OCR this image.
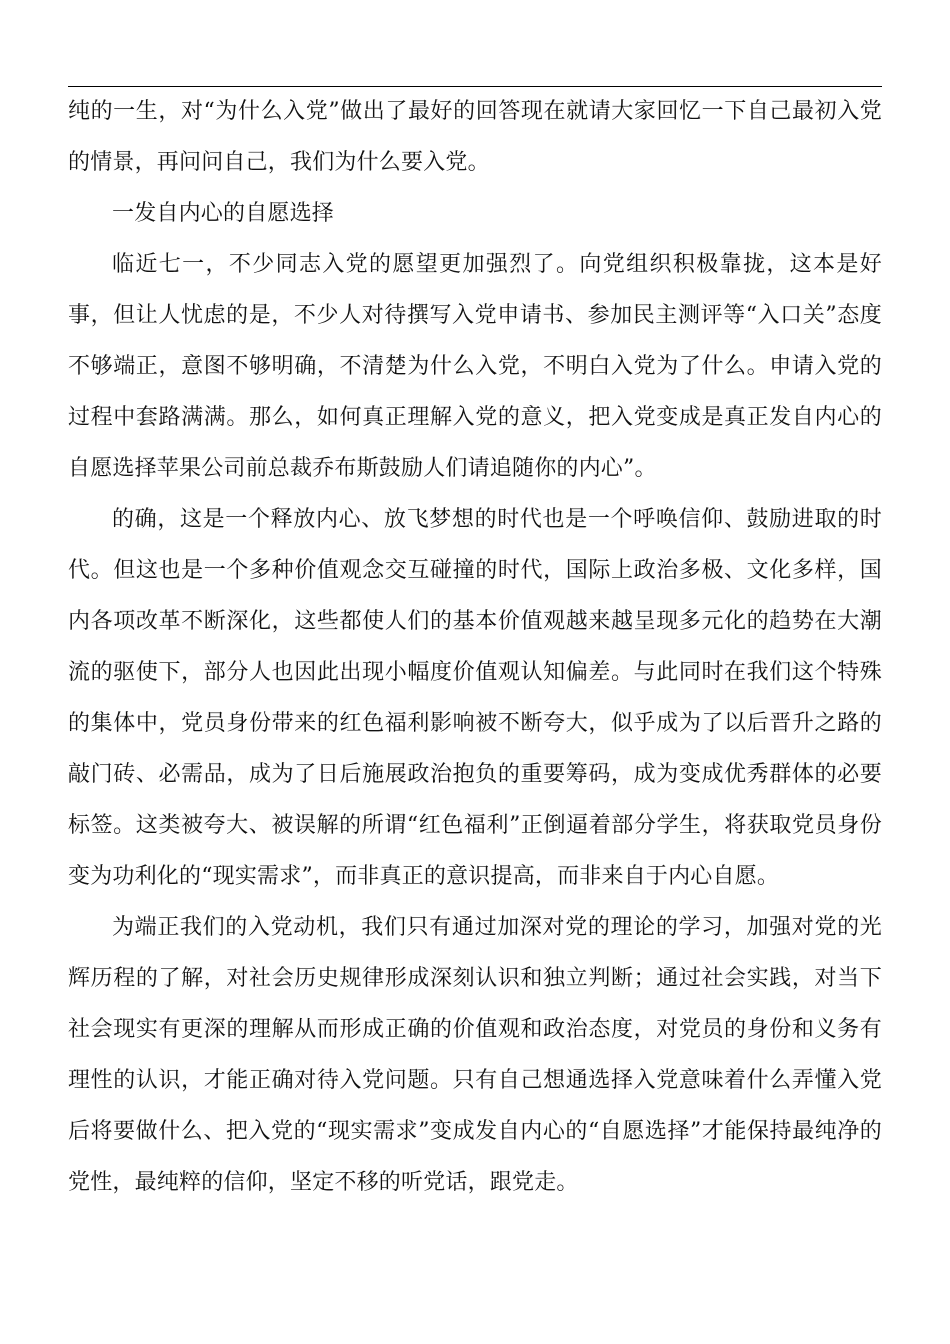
纯的一生，对“为什么入党”做出了最好的回答现在就请大家回忆一下自己最初入党的情景，再问问自己，我们为什么要入党。

一发自内心的自愿选择

临近七一，不少同志入党的愿望更加强烈了。向党组织积极靠拢，这本是好事，但让人忧虑的是，不少人对待撰写入党申请书、参加民主测评等“入口关”态度不够端正，意图不够明确，不清楚为什么入党，不明白入党为了什么。申请入党的过程中套路满满。那么，如何真正理解入党的意义，把入党变成是真正发自内心的自愿选择苹果公司前总裁乔布斯鼓励人们请追随你的内心”。

的确，这是一个释放内心、放飞梦想的时代也是一个呼唤信仰、鼓励进取的时代。但这也是一个多种价值观念交互碰撞的时代，国际上政治多极、文化多样，国内各项改革不断深化，这些都使人们的基本价值观越来越呈现多元化的趋势在大潮流的驱使下，部分人也因此出现小幅度价值观认知偏差。与此同时在我们这个特殊的集体中，党员身份带来的红色福利影响被不断夸大，似乎成为了以后晋升之路的敲门砖、必需品，成为了日后施展政治抱负的重要筹码，成为变成优秀群体的必要标签。这类被夸大、被误解的所谓“红色福利”正倒逼着部分学生，将获取党员身份变为功利化的“现实需求”，而非真正的意识提高，而非来自于内心自愿。

为端正我们的入党动机，我们只有通过加深对党的理论的学习，加强对党的光辉历程的了解，对社会历史规律形成深刻认识和独立判断；通过社会实践，对当下社会现实有更深的理解从而形成正确的价值观和政治态度，对党员的身份和义务有理性的认识，才能正确对待入党问题。只有自己想通选择入党意味着什么弄懂入党后将要做什么、把入党的“现实需求”变成发自内心的“自愿选择”才能保持最纯净的党性，最纯粹的信仰，坚定不移的听党话，跟党走。
